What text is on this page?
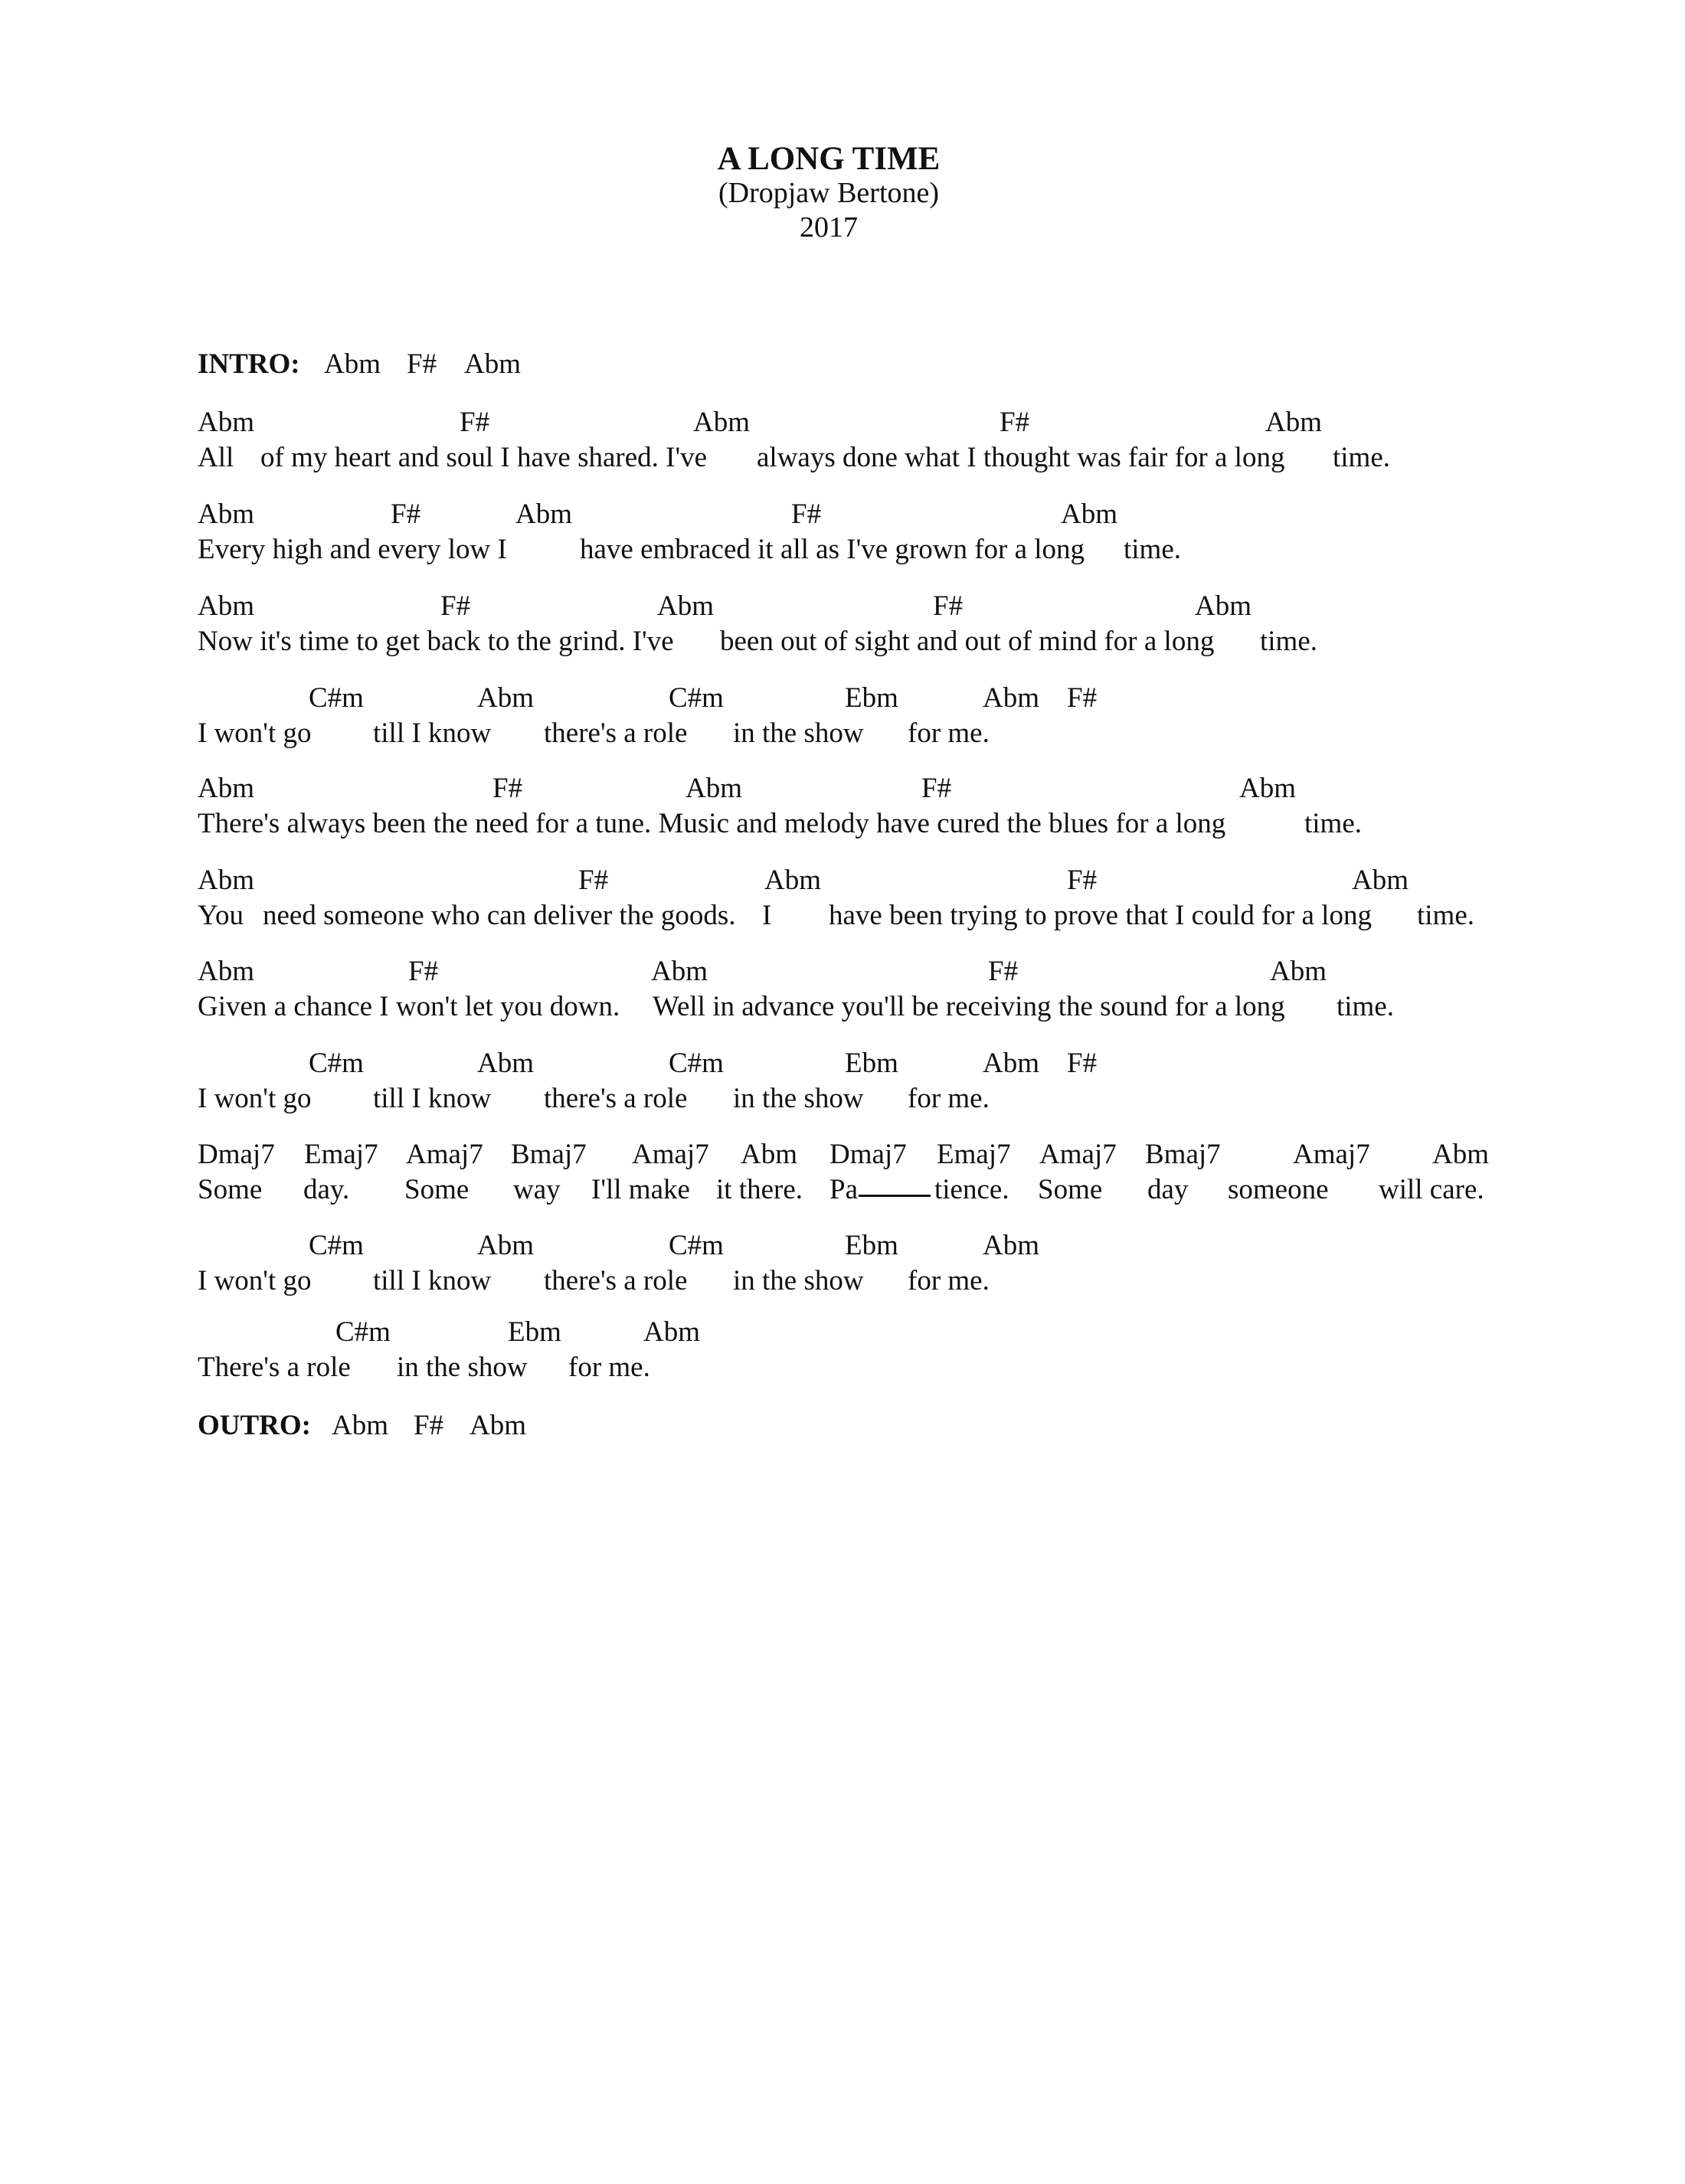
A LONG TIME
(Dropjaw Bertone)
2017
INTRO: Abm F# Abm
Abm	F#	Abm	F#	Abm
All of my heart and soul I have shared. I've always done what I thought was fair for a long time.
Abm	F#	Abm	F#	Abm
Every high and every low I	have embraced it all as I've grown for a long time.
Abm	F#	Abm	F#	Abm
Now it's time to get back to the grind. I've been out of sight and out of mind for a long time.
C#m	Abm	C#m	Ebm	Abm F#
I won't go till I know there's a role in the show for me.
Abm	F#	Abm	F#	Abm
There's always been the need for a tune. Music and melody have cured the blues for a long	time.
Abm	F#	Abm	F#	Abm
You need someone who can deliver the goods. I have been trying to prove that I could for a long time.
Abm	F#	Abm	F#	Abm
Given a chance I won't let you down. Well in advance you'll be receiving the sound for a long time.
C#m	Abm	C#m	Ebm	Abm F#
I won't go till I know there's a role in the show for me.
Dmaj7 Emaj7 Amaj7 Bmaj7 Amaj7 Abm Dmaj7 Emaj7 Amaj7 Bmaj7	Amaj7 Abm
Some day. Some way I'll make it there. Pa	tience. Some day someone will care.
C#m	Abm	C#m	Ebm	Abm
I won't go till I know there's a role in the show for me.
C#m	Ebm	Abm
There's a role in the show for me.
OUTRO: Abm F# Abm
